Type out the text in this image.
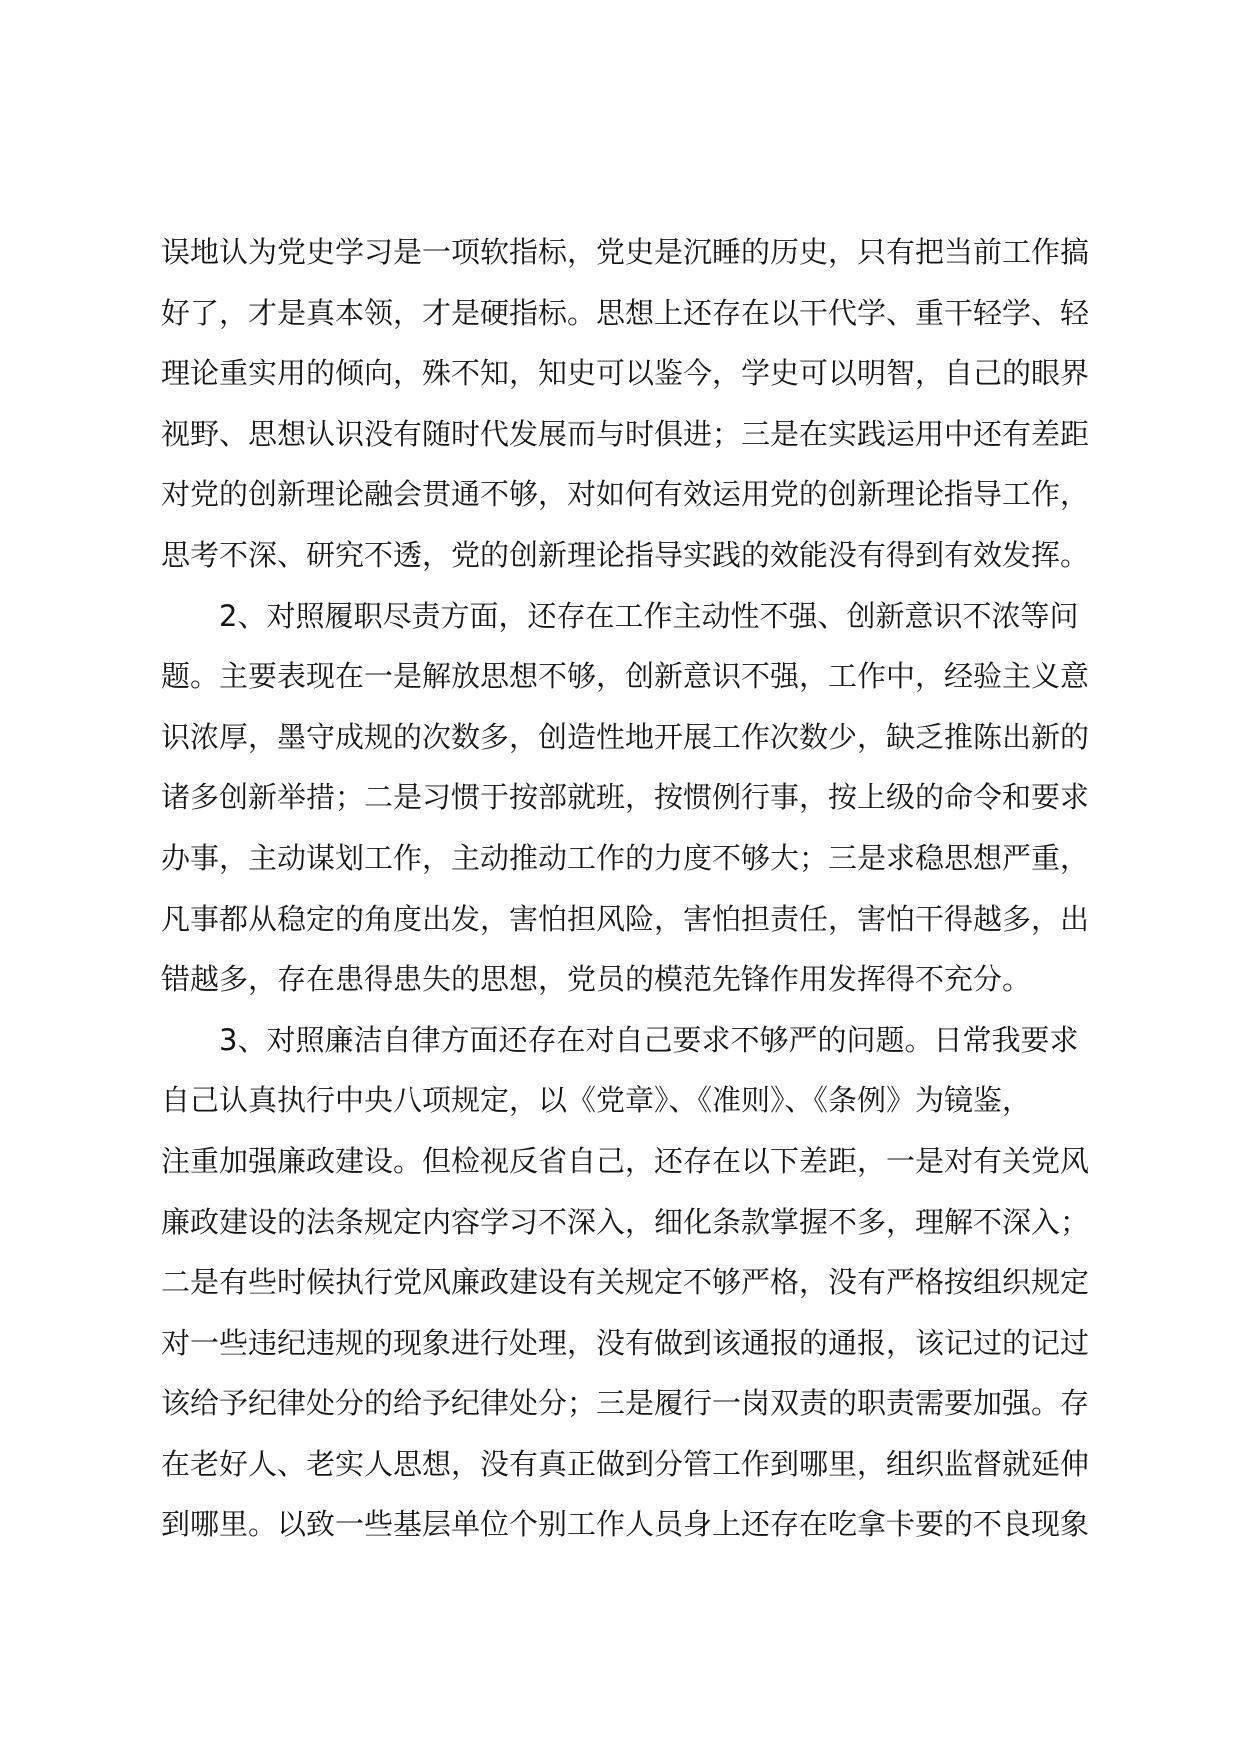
误地认为党史学习是一项软指标，党史是沉睡的历史，只有把当前工作搞
好了，才是真本领，才是硬指标。思想上还存在以干代学、重干轻学、轻
理论重实用的倾向，殊不知，知史可以鉴今，学史可以明智，自己的眼界
视野、思想认识没有随时代发展而与时俱进；三是在实践运用中还有差距
对党的创新理论融会贯通不够，对如何有效运用党的创新理论指导工作，
思考不深、研究不透，党的创新理论指导实践的效能没有得到有效发挥。
2、对照履职尽责方面，还存在工作主动性不强、创新意识不浓等问
题。主要表现在一是解放思想不够，创新意识不强，工作中，经验主义意
识浓厚，墨守成规的次数多，创造性地开展工作次数少，缺乏推陈出新的
诸多创新举措；二是习惯于按部就班，按惯例行事，按上级的命令和要求
办事，主动谋划工作，主动推动工作的力度不够大；三是求稳思想严重，
凡事都从稳定的角度出发，害怕担风险，害怕担责任，害怕干得越多，出
错越多，存在患得患失的思想，党员的模范先锋作用发挥得不充分。
3、对照廉洁自律方面还存在对自己要求不够严的问题。日常我要求
自己认真执行中央八项规定，以《党章》、《准则》、《条例》为镜鉴，
注重加强廉政建设。但检视反省自己，还存在以下差距，一是对有关党风
廉政建设的法条规定内容学习不深入，细化条款掌握不多，理解不深入；
二是有些时候执行党风廉政建设有关规定不够严格，没有严格按组织规定
对一些违纪违规的现象进行处理，没有做到该通报的通报，该记过的记过
该给予纪律处分的给予纪律处分；三是履行一岗双责的职责需要加强。存
在老好人、老实人思想，没有真正做到分管工作到哪里，组织监督就延伸
到哪里。以致一些基层单位个别工作人员身上还存在吃拿卡要的不良现象
